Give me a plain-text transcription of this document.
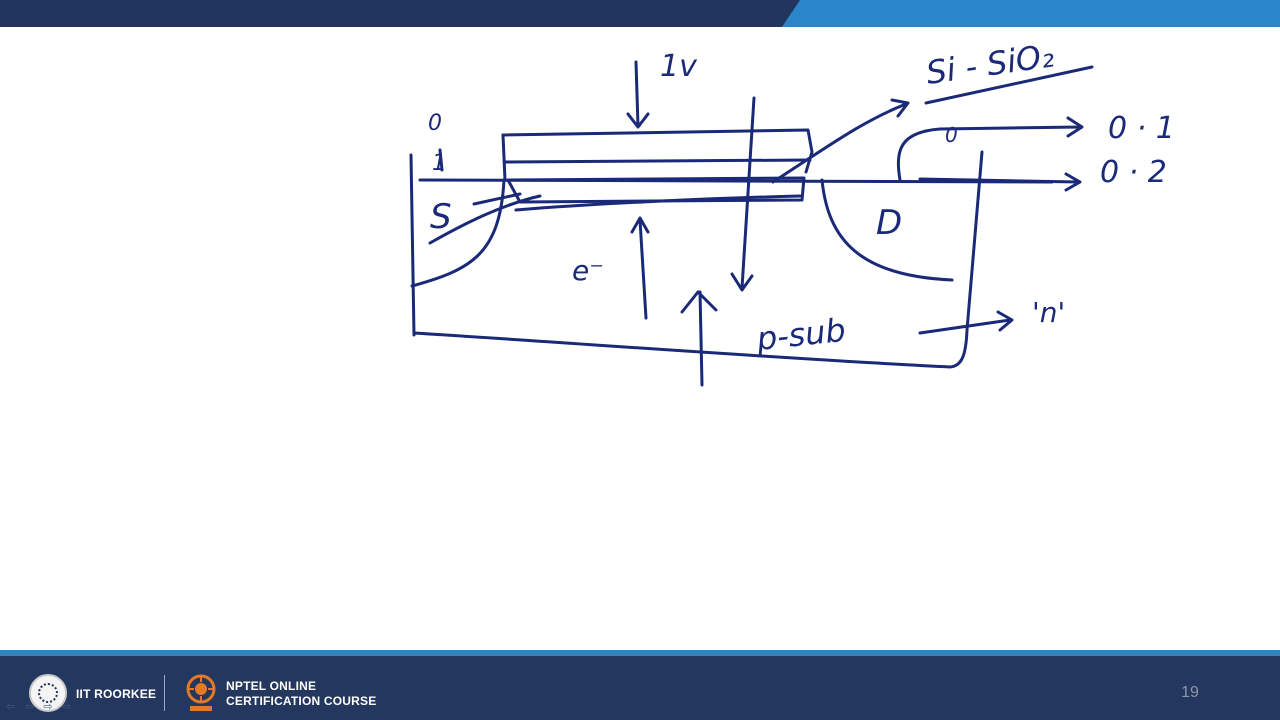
1v	Si - SiO₂
0
1
0
S	D
e⁻
p-sub
0 · 1
0 · 2
'n'
IIT ROORKEE
NPTEL ONLINE
CERTIFICATION COURSE
⇦ ⇦ ⇨ ⇨
19
